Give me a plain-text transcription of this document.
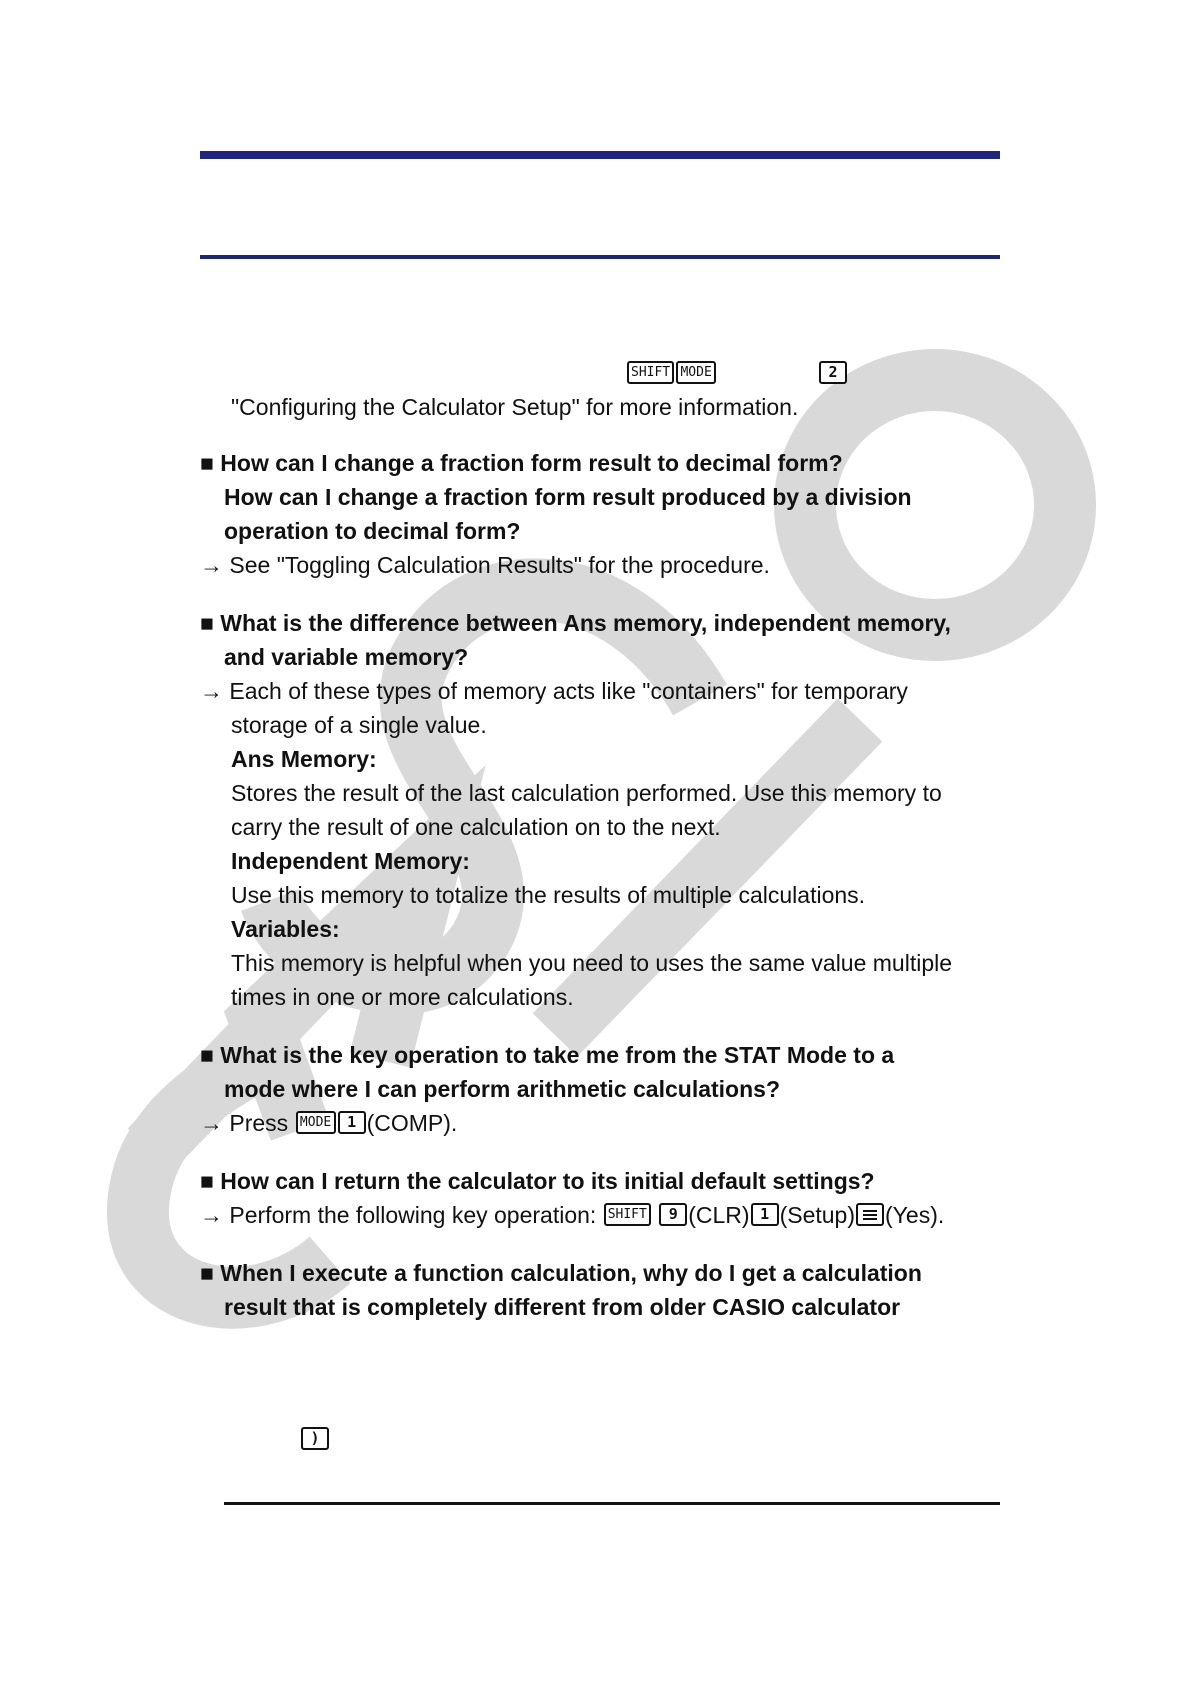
SHIFT MODE	2
"Configuring the Calculator Setup" for more information.
■ How can I change a fraction form result to decimal form?
How can I change a fraction form result produced by a division
operation to decimal form?
→ See "Toggling Calculation Results" for the procedure.
■ What is the difference between Ans memory, independent memory,
and variable memory?
→ Each of these types of memory acts like "containers" for temporary
storage of a single value.
Ans Memory:
Stores the result of the last calculation performed. Use this memory to
carry the result of one calculation on to the next.
Independent Memory:
Use this memory to totalize the results of multiple calculations.
Variables:
This memory is helpful when you need to uses the same value multiple
times in one or more calculations.
■ What is the key operation to take me from the STAT Mode to a
mode where I can perform arithmetic calculations?
→ Press MODE 1 (COMP).
■ How can I return the calculator to its initial default settings?
→ Perform the following key operation: SHIFT 9 (CLR) 1 (Setup) (Yes).
■ When I execute a function calculation, why do I get a calculation
result that is completely different from older CASIO calculator
)
